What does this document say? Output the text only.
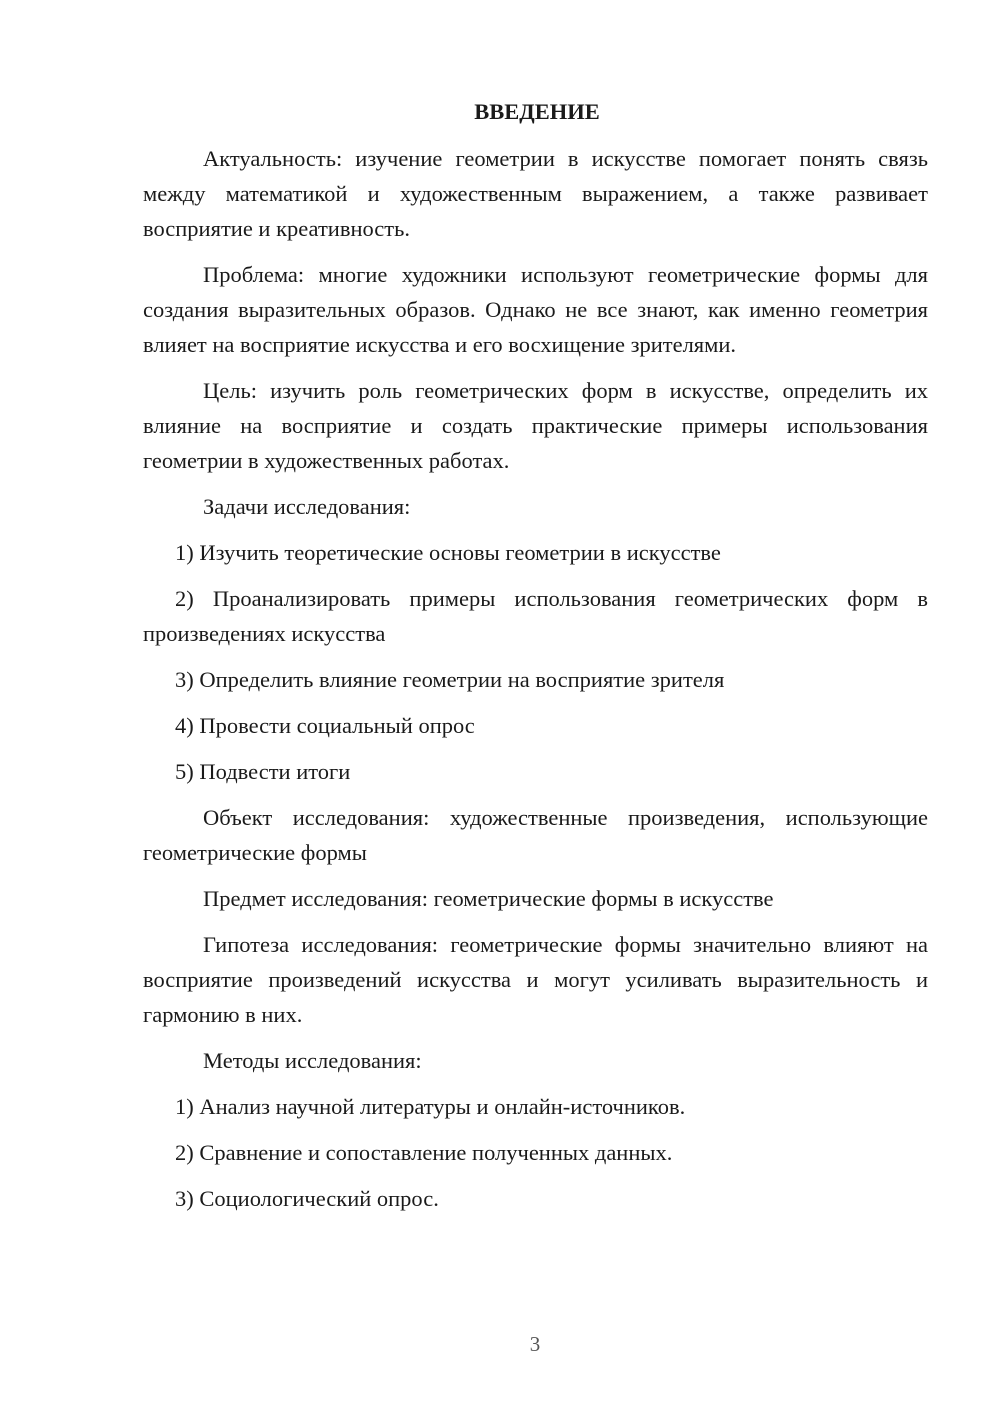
ВВЕДЕНИЕ

Актуальность: изучение геометрии в искусстве помогает понять связь между математикой и художественным выражением, а также развивает восприятие и креативность.

Проблема: многие художники используют геометрические формы для создания выразительных образов. Однако не все знают, как именно геометрия влияет на восприятие искусства и его восхищение зрителями.

Цель: изучить роль геометрических форм в искусстве, определить их влияние на восприятие и создать практические примеры использования геометрии в художественных работах.

Задачи исследования:

1) Изучить теоретические основы геометрии в искусстве

2) Проанализировать примеры использования геометрических форм в произведениях искусства

3) Определить влияние геометрии на восприятие зрителя

4) Провести социальный опрос

5) Подвести итоги

Объект исследования: художественные произведения, использующие геометрические формы

Предмет исследования: геометрические формы в искусстве

Гипотеза исследования: геометрические формы значительно влияют на восприятие произведений искусства и могут усиливать выразительность и гармонию в них.

Методы исследования:

1) Анализ научной литературы и онлайн-источников.

2) Сравнение и сопоставление полученных данных.

3) Социологический опрос.

3
